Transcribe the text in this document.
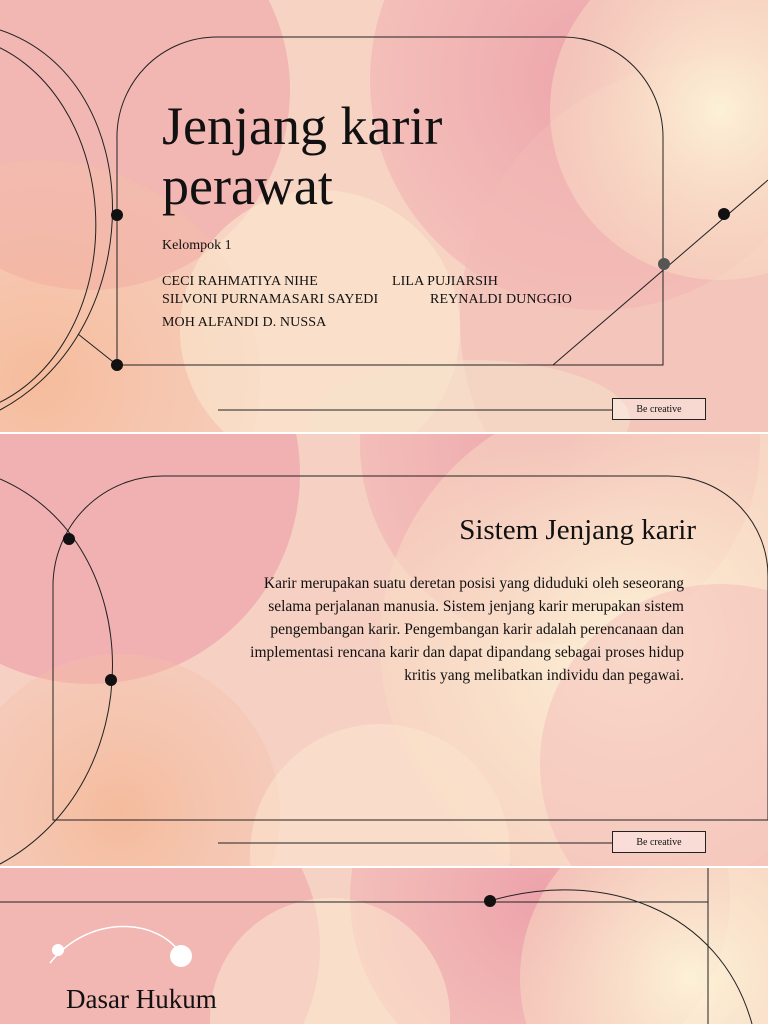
Jenjang karir
perawat
Kelompok 1
CECI RAHMATIYA NIHE	LILA PUJIARSIH
SILVONI PURNAMASARI SAYEDI	REYNALDI DUNGGIO
MOH ALFANDI D. NUSSA
Be creative
Be creative
Sistem Jenjang karir

Karir merupakan suatu deretan posisi yang diduduki oleh seseorang selama perjalanan manusia. Sistem jenjang karir merupakan sistem pengembangan karir. Pengembangan karir adalah perencanaan dan implementasi rencana karir dan dapat dipandang sebagai proses hidup kritis yang melibatkan individu dan pegawai.

Dasar Hukum
